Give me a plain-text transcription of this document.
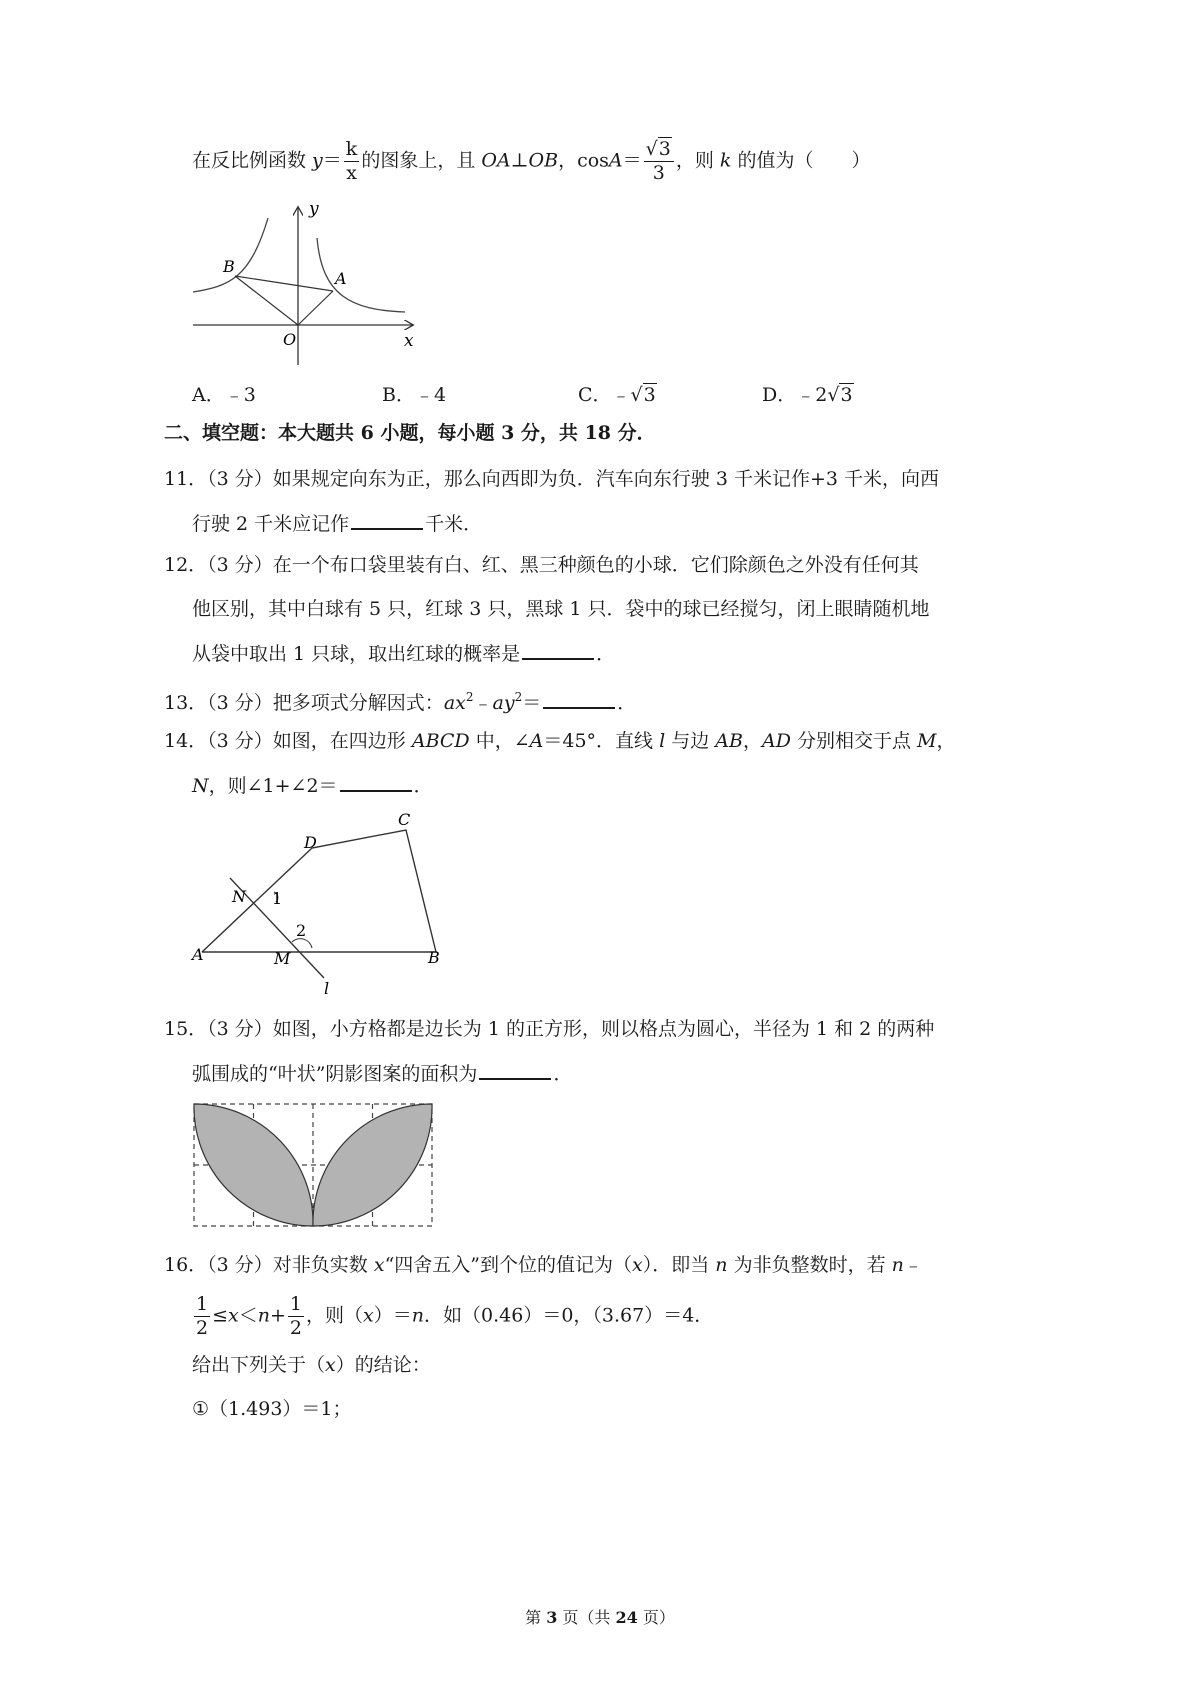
在反比例函数 $y= \frac{k}{x}$ 的图象上，且 OA⊥OB，$\cos A= \frac{√3}{3}$ ，则 k 的值为（　　）
y
x
O
A
B
A．﹣3	B．﹣4	C．﹣√3	D．﹣2√3
二、填空题：本大题共 6 小题，每小题 3 分，共 18 分．
11．（3 分）如果规定向东为正，那么向西即为负．汽车向东行驶 3 千米记作+3 千米，向西
行驶 2 千米应记作	千米．
12．（3 分）在一个布口袋里装有白、红、黑三种颜色的小球．它们除颜色之外没有任何其
他区别，其中白球有 5 只，红球 3 只，黑球 1 只．袋中的球已经搅匀，闭上眼睛随机地
从袋中取出 1 只球，取出红球的概率是	．
13．（3 分）把多项式分解因式：$ax^2﹣ay^2=$	．
14．（3 分）如图，在四边形 ABCD 中，∠A＝45°．直线 l 与边 AB，AD 分别相交于点 M，
N，则∠1+∠2＝	．
A	B
C
D
M
N
l
1
2
15．（3 分）如图，小方格都是边长为 1 的正方形，则以格点为圆心，半径为 1 和 2 的两种
弧围成的“叶状”阴影图案的面积为	．
16．（3 分）对非负实数 x“四舍五入”到个位的值记为（x）．即当 n 为非负整数时，若 n﹣
$\frac{1}{2} \le x<n+ \frac{1}{2}$ ，则（x）＝n．如（0.46）＝0，（3.67）＝4．
给出下列关于（x）的结论：
①（1.493）＝1；
第 3 页（共 24 页）
